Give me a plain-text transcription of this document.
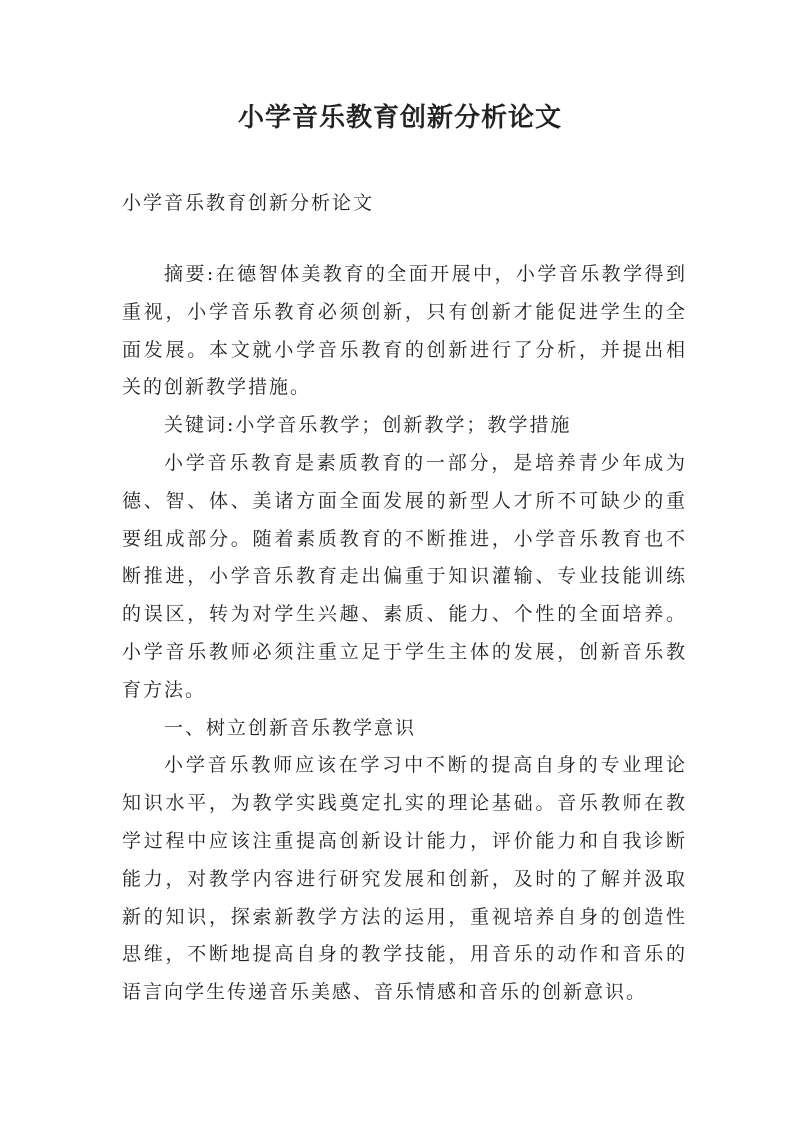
小学音乐教育创新分析论文
小学音乐教育创新分析论文

摘要:在德智体美教育的全面开展中，小学音乐教学得到重视，小学音乐教育必须创新，只有创新才能促进学生的全面发展。本文就小学音乐教育的创新进行了分析，并提出相关的创新教学措施。

关键词:小学音乐教学；创新教学；教学措施

小学音乐教育是素质教育的一部分，是培养青少年成为德、智、体、美诸方面全面发展的新型人才所不可缺少的重要组成部分。随着素质教育的不断推进，小学音乐教育也不断推进，小学音乐教育走出偏重于知识灌输、专业技能训练的误区，转为对学生兴趣、素质、能力、个性的全面培养。小学音乐教师必须注重立足于学生主体的发展，创新音乐教育方法。

一、树立创新音乐教学意识

小学音乐教师应该在学习中不断的提高自身的专业理论知识水平，为教学实践奠定扎实的理论基础。音乐教师在教学过程中应该注重提高创新设计能力，评价能力和自我诊断能力，对教学内容进行研究发展和创新，及时的了解并汲取新的知识，探索新教学方法的运用，重视培养自身的创造性思维，不断地提高自身的教学技能，用音乐的动作和音乐的语言向学生传递音乐美感、音乐情感和音乐的创新意识。
